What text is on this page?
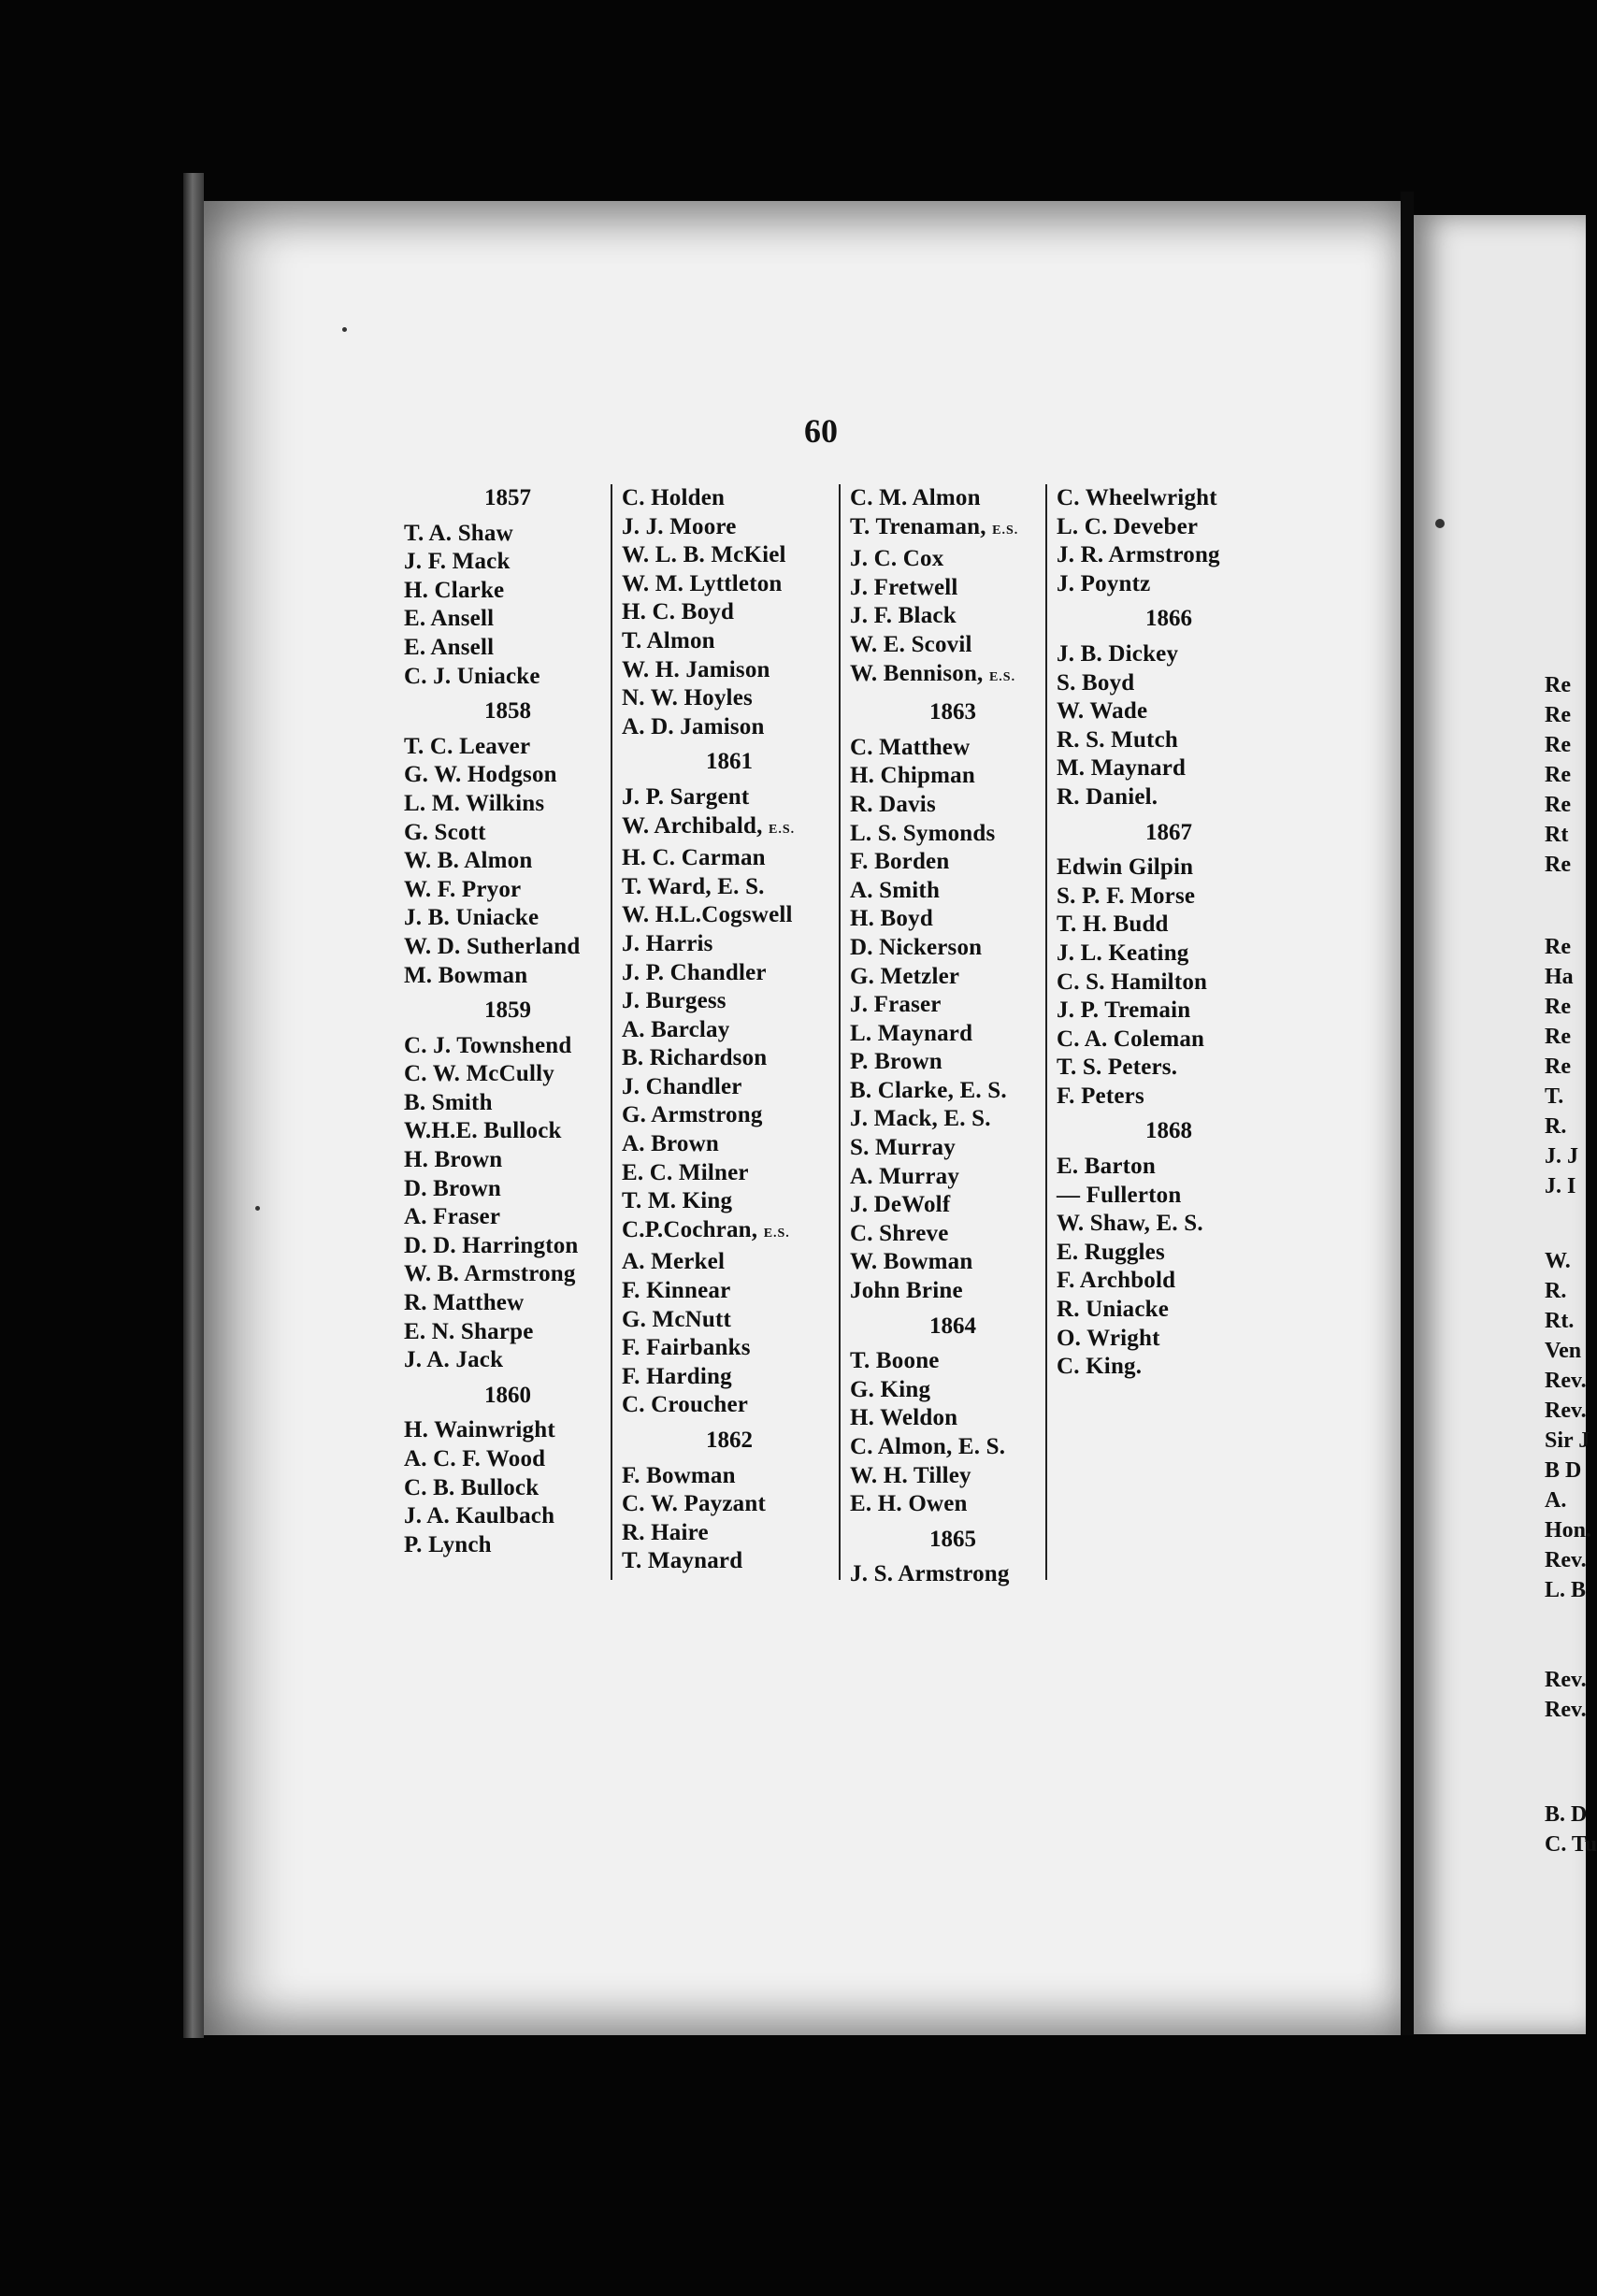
60
1857
T. A. Shaw
J. F. Mack
H. Clarke
E. Ansell
E. Ansell
C. J. Uniacke
1858
T. C. Leaver
G. W. Hodgson
L. M. Wilkins
G. Scott
W. B. Almon
W. F. Pryor
J. B. Uniacke
W. D. Sutherland
M. Bowman
1859
C. J. Townshend
C. W. McCully
B. Smith
W.H.E. Bullock
H. Brown
D. Brown
A. Fraser
D. D. Harrington
W. B. Armstrong
R. Matthew
E. N. Sharpe
J. A. Jack
1860
H. Wainwright
A. C. F. Wood
C. B. Bullock
J. A. Kaulbach
P. Lynch
C. Holden
J. J. Moore
W. L. B. McKiel
W. M. Lyttleton
H. C. Boyd
T. Almon
W. H. Jamison
N. W. Hoyles
A. D. Jamison
1861
J. P. Sargent
W. Archibald, E.S.
H. C. Carman
T. Ward, E. S.
W. H.L.Cogswell
J. Harris
J. P. Chandler
J. Burgess
A. Barclay
B. Richardson
J. Chandler
G. Armstrong
A. Brown
E. C. Milner
T. M. King
C.P.Cochran, E.S.
A. Merkel
F. Kinnear
G. McNutt
F. Fairbanks
F. Harding
C. Croucher
1862
F. Bowman
C. W. Payzant
R. Haire
T. Maynard
C. M. Almon
T. Trenaman, E.S.
J. C. Cox
J. Fretwell
J. F. Black
W. E. Scovil
W. Bennison, E.S.
1863
C. Matthew
H. Chipman
R. Davis
L. S. Symonds
F. Borden
A. Smith
H. Boyd
D. Nickerson
G. Metzler
J. Fraser
L. Maynard
P. Brown
B. Clarke, E. S.
J. Mack, E. S.
S. Murray
A. Murray
J. DeWolf
C. Shreve
W. Bowman
John Brine
1864
T. Boone
G. King
H. Weldon
C. Almon, E. S.
W. H. Tilley
E. H. Owen
1865
J. S. Armstrong
C. Wheelwright
L. C. Deveber
J. R. Armstrong
J. Poyntz
1866
J. B. Dickey
S. Boyd
W. Wade
R. S. Mutch
M. Maynard
R. Daniel.
1867
Edwin Gilpin
S. P. F. Morse
T. H. Budd
J. L. Keating
C. S. Hamilton
J. P. Tremain
C. A. Coleman
T. S. Peters.
F. Peters
1868
E. Barton
— Fullerton
W. Shaw, E. S.
E. Ruggles
F. Archbold
R. Uniacke
O. Wright
C. King.
Re
Re
Re
Re
Re
Rt
Re
Re
Ha
Re
Re
Re
T.
R.
J. J
J. I
W.
R.
Rt.
Ven
Rev.
Rev.
Sir J
B D
A.
Hon.
Rev.
L. B
Rev.
Rev.
B. D
C. Tu
